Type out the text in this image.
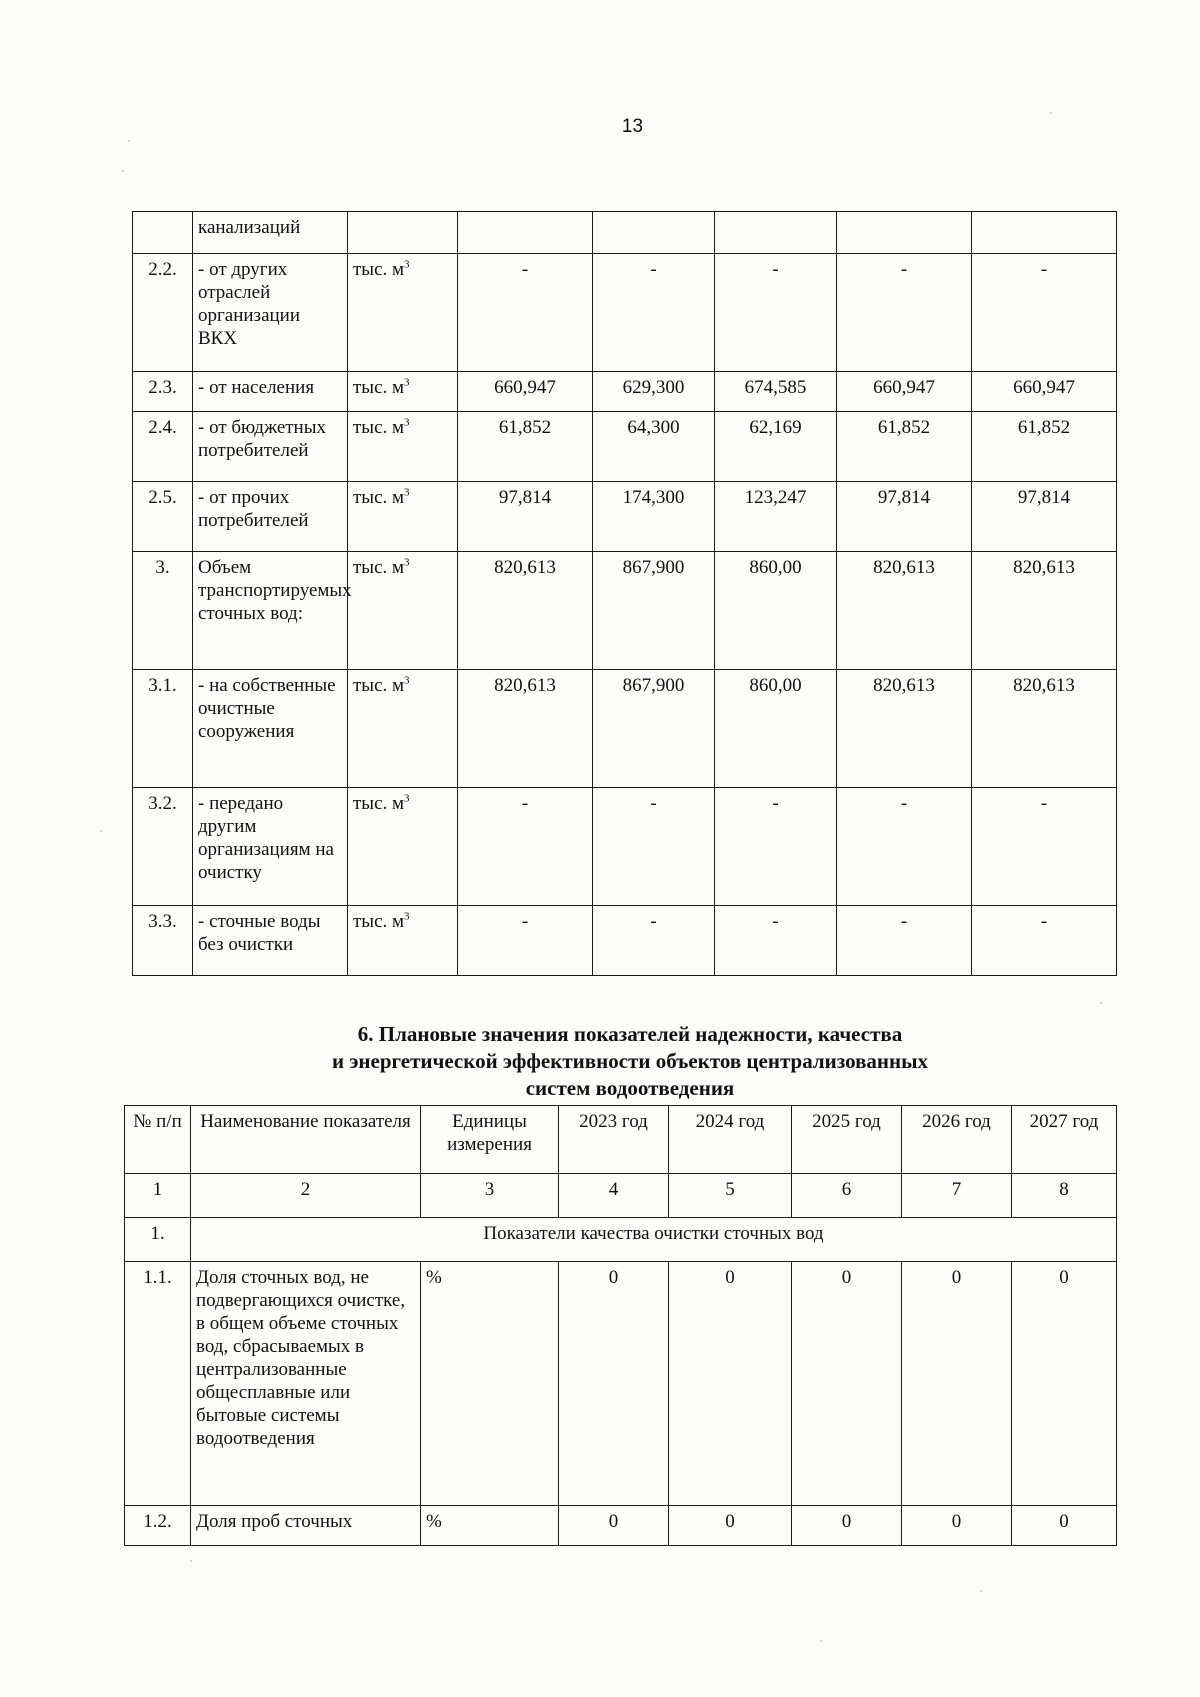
13
	канализаций						
2.2.	- от других отраслей организации ВКХ	тыс. $м^3$	-	-	-	-	-
2.3.	- от населения	тыс. $м^3$	660,947	629,300	674,585	660,947	660,947
2.4.	- от бюджетных потребителей	тыс. $м^3$	61,852	64,300	62,169	61,852	61,852
2.5.	- от прочих потребителей	тыс. $м^3$	97,814	174,300	123,247	97,814	97,814
3.	Объем транспортируемых сточных вод:	тыс. $м^3$	820,613	867,900	860,00	820,613	820,613
3.1.	- на собственные очистные сооружения	тыс. $м^3$	820,613	867,900	860,00	820,613	820,613
3.2.	- передано другим организациям на очистку	тыс. $м^3$	-	-	-	-	-
3.3.	- сточные воды без очистки	тыс. $м^3$	-	-	-	-	-
6. Плановые значения показателей надежности, качества
и энергетической эффективности объектов централизованных
систем водоотведения
№ п/п	Наименование показателя	Единицы измерения	2023 год	2024 год	2025 год	2026 год	2027 год
1	2	3	4	5	6	7	8
1.	Показатели качества очистки сточных вод						
1.1.	Доля сточных вод, не подвергающихся очистке, в общем объеме сточных вод, сбрасываемых в централизованные общесплавные или бытовые системы водоотведения	%	0	0	0	0	0
1.2.	Доля проб сточных	%	0	0	0	0	0
